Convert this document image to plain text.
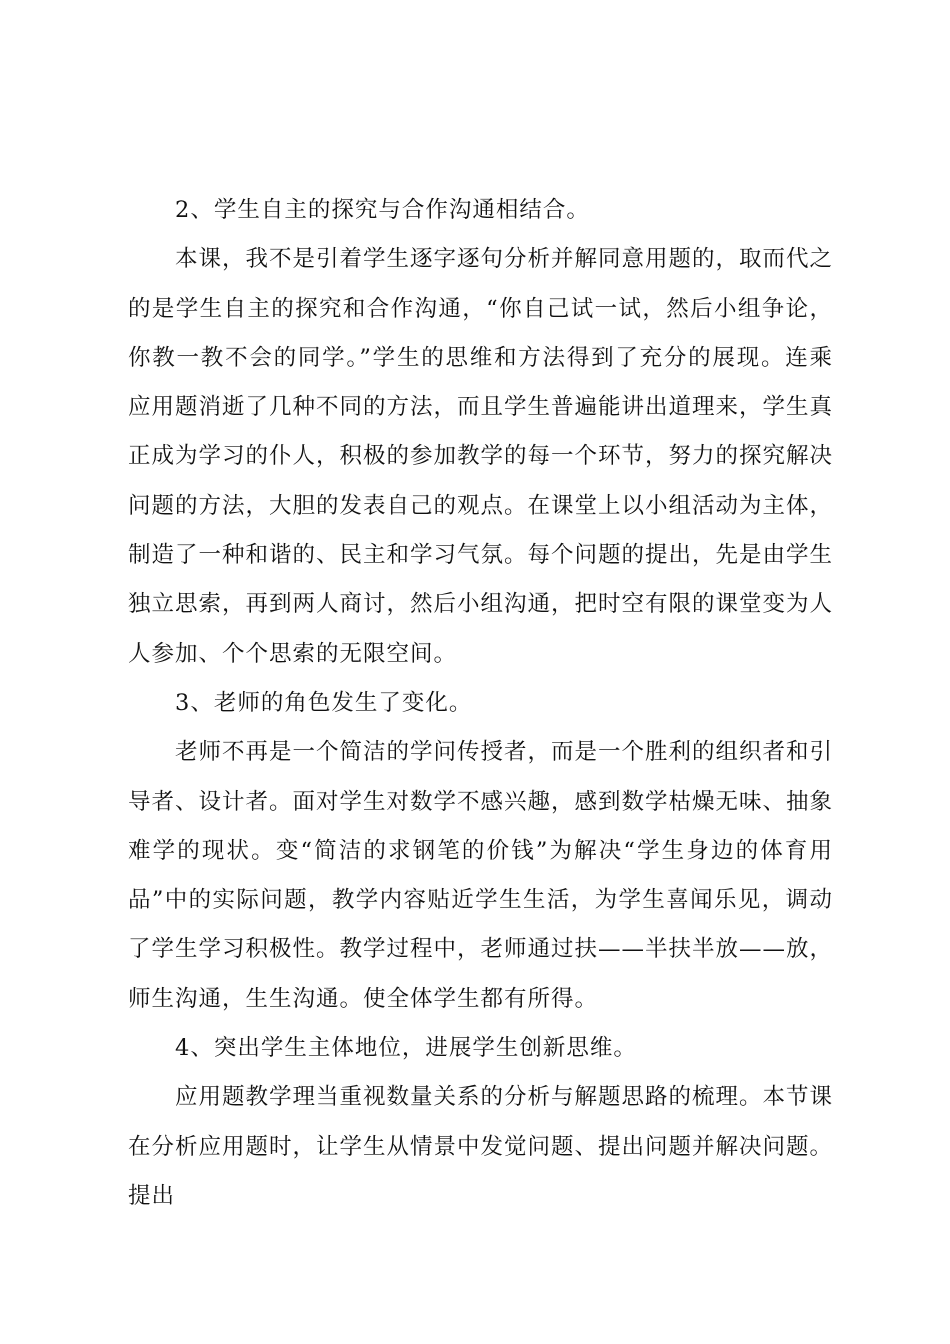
2、学生自主的探究与合作沟通相结合。

本课，我不是引着学生逐字逐句分析并解同意用题的，取而代之的是学生自主的探究和合作沟通，“你自己试一试，然后小组争论，你教一教不会的同学。”学生的思维和方法得到了充分的展现。连乘应用题消逝了几种不同的方法，而且学生普遍能讲出道理来，学生真正成为学习的仆人，积极的参加教学的每一个环节，努力的探究解决问题的方法，大胆的发表自己的观点。在课堂上以小组活动为主体，制造了一种和谐的、民主和学习气氛。每个问题的提出，先是由学生独立思索，再到两人商讨，然后小组沟通，把时空有限的课堂变为人人参加、个个思索的无限空间。

3、老师的角色发生了变化。

老师不再是一个简洁的学问传授者，而是一个胜利的组织者和引导者、设计者。面对学生对数学不感兴趣，感到数学枯燥无味、抽象难学的现状。变“简洁的求钢笔的价钱”为解决“学生身边的体育用品”中的实际问题，教学内容贴近学生生活，为学生喜闻乐见，调动了学生学习积极性。教学过程中，老师通过扶——半扶半放——放，师生沟通，生生沟通。使全体学生都有所得。

4、突出学生主体地位，进展学生创新思维。

应用题教学理当重视数量关系的分析与解题思路的梳理。本节课在分析应用题时，让学生从情景中发觉问题、提出问题并解决问题。提出
